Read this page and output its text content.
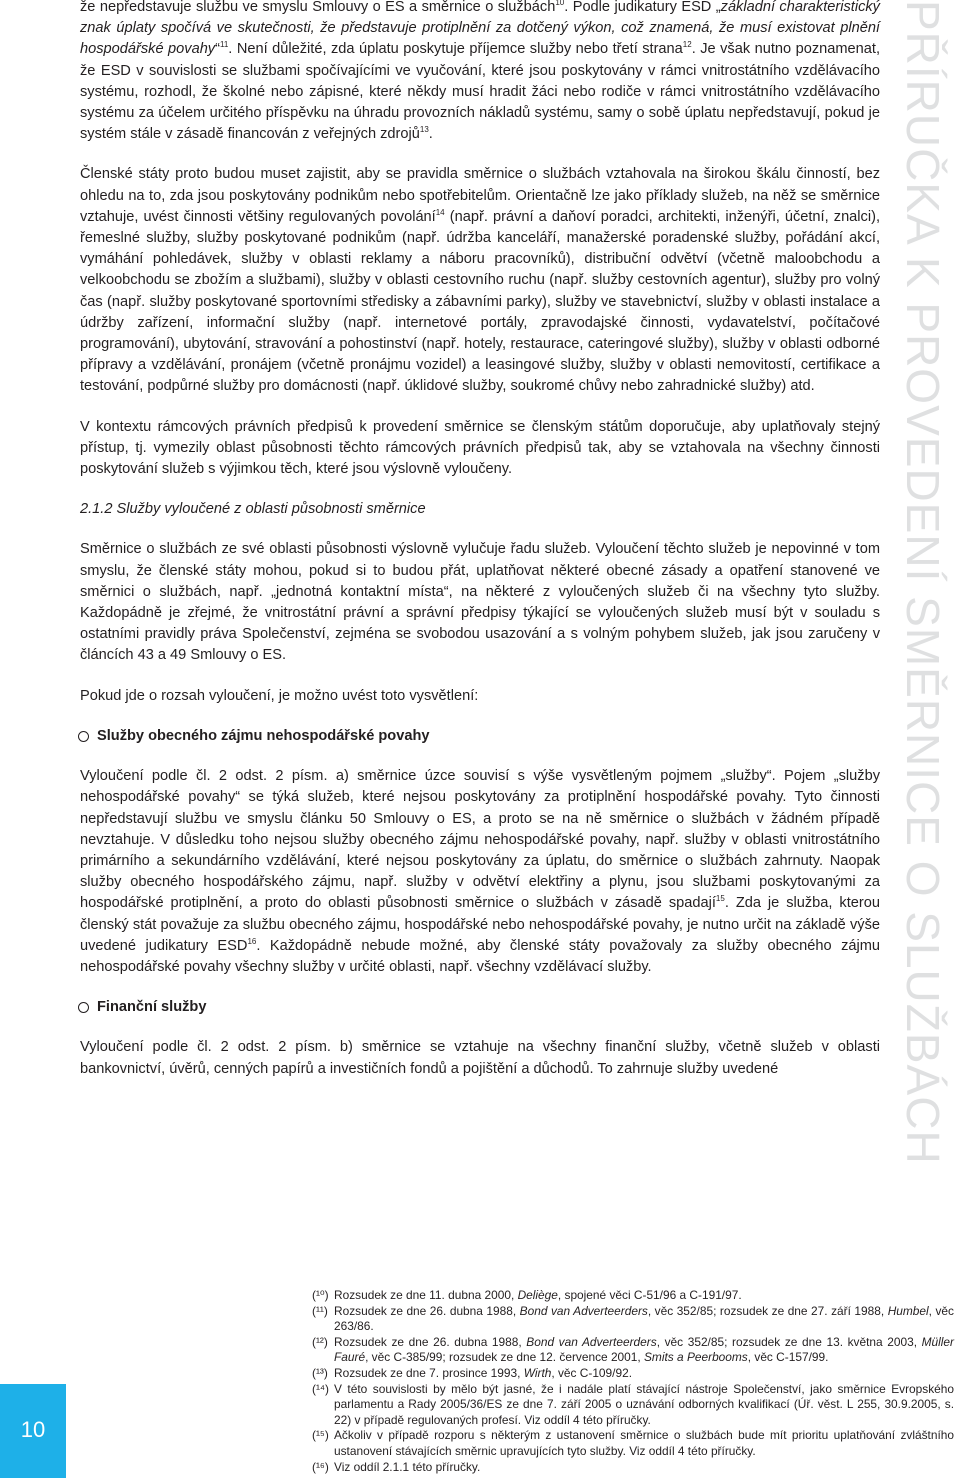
PŘÍRUČKA K PROVEDENÍ SMĚRNICE O SLUŽBÁCH

že nepředstavuje službu ve smyslu Smlouvy o ES a směrnice o službách$^{10}$. Podle judikatury ESD „základní charakteristický znak úplaty spočívá ve skutečnosti, že představuje protiplnění za dotčený výkon, což znamená, že musí existovat plnění hospodářské povahy“$^{11}$. Není důležité, zda úplatu poskytuje příjemce služby nebo třetí strana$^{12}$. Je však nutno poznamenat, že ESD v souvislosti se službami spočívajícími ve vyučování, které jsou poskytovány v rámci vnitrostátního vzdělávacího systému, rozhodl, že školné nebo zápisné, které někdy musí hradit žáci nebo rodiče v rámci vnitrostátního vzdělávacího systému za účelem určitého příspěvku na úhradu provozních nákladů systému, samy o sobě úplatu nepředstavují, pokud je systém stále v zásadě financován z veřejných zdrojů$^{13}$.

Členské státy proto budou muset zajistit, aby se pravidla směrnice o službách vztahovala na širokou škálu činností, bez ohledu na to, zda jsou poskytovány podnikům nebo spotřebitelům. Orientačně lze jako příklady služeb, na něž se směrnice vztahuje, uvést činnosti většiny regulovaných povolání$^{14}$ (např. právní a daňoví poradci, architekti, inženýři, účetní, znalci), řemeslné služby, služby poskytované podnikům (např. údržba kanceláří, manažerské poradenské služby, pořádání akcí, vymáhání pohledávek, služby v oblasti reklamy a náboru pracovníků), distribuční odvětví (včetně maloobchodu a velkoobchodu se zbožím a službami), služby v oblasti cestovního ruchu (např. služby cestovních agentur), služby pro volný čas (např. služby poskytované sportovními středisky a zábavními parky), služby ve stavebnictví, služby v oblasti instalace a údržby zařízení, informační služby (např. internetové portály, zpravodajské činnosti, vydavatelství, počítačové programování), ubytování, stravování a pohostinství (např. hotely, restaurace, cateringové služby), služby v oblasti odborné přípravy a vzdělávání, pronájem (včetně pronájmu vozidel) a leasingové služby, služby v oblasti nemovitostí, certifikace a testování, podpůrné služby pro domácnosti (např. úklidové služby, soukromé chůvy nebo zahradnické služby) atd.

V kontextu rámcových právních předpisů k provedení směrnice se členským státům doporučuje, aby uplatňovaly stejný přístup, tj. vymezily oblast působnosti těchto rámcových právních předpisů tak, aby se vztahovala na všechny činnosti poskytování služeb s výjimkou těch, které jsou výslovně vyloučeny.

2.1.2 Služby vyloučené z oblasti působnosti směrnice

Směrnice o službách ze své oblasti působnosti výslovně vylučuje řadu služeb. Vyloučení těchto služeb je nepovinné v tom smyslu, že členské státy mohou, pokud si to budou přát, uplatňovat některé obecné zásady a opatření stanovené ve směrnici o službách, např. „jednotná kontaktní místa“, na některé z vyloučených služeb či na všechny tyto služby. Každopádně je zřejmé, že vnitrostátní právní a správní předpisy týkající se vyloučených služeb musí být v souladu s ostatními pravidly práva Společenství, zejména se svobodou usazování a s volným pohybem služeb, jak jsou zaručeny v článcích 43 a 49 Smlouvy o ES.

Pokud jde o rozsah vyloučení, je možno uvést toto vysvětlení:

Služby obecného zájmu nehospodářské povahy

Vyloučení podle čl. 2 odst. 2 písm. a) směrnice úzce souvisí s výše vysvětleným pojmem „služby“. Pojem „služby nehospodářské povahy“ se týká služeb, které nejsou poskytovány za protiplnění hospodářské povahy. Tyto činnosti nepředstavují službu ve smyslu článku 50 Smlouvy o ES, a proto se na ně směrnice o službách v žádném případě nevztahuje. V důsledku toho nejsou služby obecného zájmu nehospodářské povahy, např. služby v oblasti vnitrostátního primárního a sekundárního vzdělávání, které nejsou poskytovány za úplatu, do směrnice o službách zahrnuty. Naopak služby obecného hospodářského zájmu, např. služby v odvětví elektřiny a plynu, jsou službami poskytovanými za hospodářské protiplnění, a proto do oblasti působnosti směrnice o službách v zásadě spadají$^{15}$. Zda je služba, kterou členský stát považuje za službu obecného zájmu, hospodářské nebo nehospodářské povahy, je nutno určit na základě výše uvedené judikatury ESD$^{16}$. Každopádně nebude možné, aby členské státy považovaly za služby obecného zájmu nehospodářské povahy všechny služby v určité oblasti, např. všechny vzdělávací služby.

Finanční služby

Vyloučení podle čl. 2 odst. 2 písm. b) směrnice se vztahuje na všechny finanční služby, včetně služeb v oblasti bankovnictví, úvěrů, cenných papírů a investičních fondů a pojištění a důchodů. To zahrnuje služby uvedené

(¹⁰) Rozsudek ze dne 11. dubna 2000, Deliège, spojené věci C-51/96 a C-191/97.

(¹¹) Rozsudek ze dne 26. dubna 1988, Bond van Adverteerders, věc 352/85; rozsudek ze dne 27. září 1988, Humbel, věc 263/86.

(¹²) Rozsudek ze dne 26. dubna 1988, Bond van Adverteerders, věc 352/85; rozsudek ze dne 13. května 2003, Müller Fauré, věc C-385/99; rozsudek ze dne 12. července 2001, Smits a Peerbooms, věc C-157/99.

(¹³) Rozsudek ze dne 7. prosince 1993, Wirth, věc C-109/92.

(¹⁴) V této souvislosti by mělo být jasné, že i nadále platí stávající nástroje Společenství, jako směrnice Evropského parlamentu a Rady 2005/36/ES ze dne 7. září 2005 o uznávání odborných kvalifikací (Úř. věst. L 255, 30.9.2005, s. 22) v případě regulovaných profesí. Viz oddíl 4 této příručky.

(¹⁵) Ačkoliv v případě rozporu s některým z ustanovení směrnice o službách bude mít prioritu uplatňování zvláštního ustanovení stávajících směrnic upravujících tyto služby. Viz oddíl 4 této příručky.

(¹⁶) Viz oddíl 2.1.1 této příručky.

10
